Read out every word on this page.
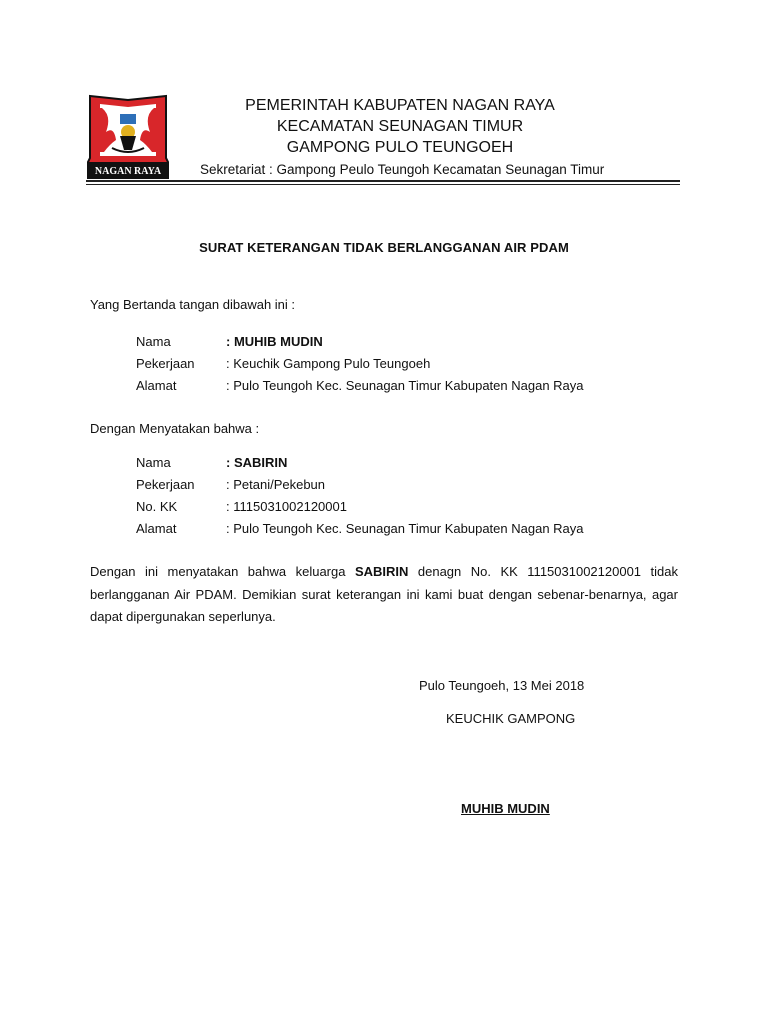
NAGAN RAYA
PEMERINTAH KABUPATEN NAGAN RAYA
KECAMATAN SEUNAGAN TIMUR
GAMPONG PULO TEUNGOEH
Sekretariat : Gampong Peulo Teungoh Kecamatan Seunagan Timur
SURAT KETERANGAN TIDAK BERLANGGANAN AIR PDAM
Yang Bertanda tangan dibawah ini :
Nama	: MUHIB MUDIN
Pekerjaan : Keuchik Gampong Pulo Teungoeh
Alamat	: Pulo Teungoh Kec. Seunagan Timur Kabupaten Nagan Raya
Dengan Menyatakan bahwa :
Nama	: SABIRIN
Pekerjaan : Petani/Pekebun
No. KK	: 1115031002120001
Alamat	: Pulo Teungoh Kec. Seunagan Timur Kabupaten Nagan Raya
Dengan ini menyatakan bahwa keluarga SABIRIN denagn No. KK 1115031002120001 tidak berlangganan Air PDAM. Demikian surat keterangan ini kami buat dengan sebenar-benarnya, agar dapat dipergunakan seperlunya.
Pulo Teungoeh, 13 Mei 2018
KEUCHIK GAMPONG
MUHIB MUDIN
